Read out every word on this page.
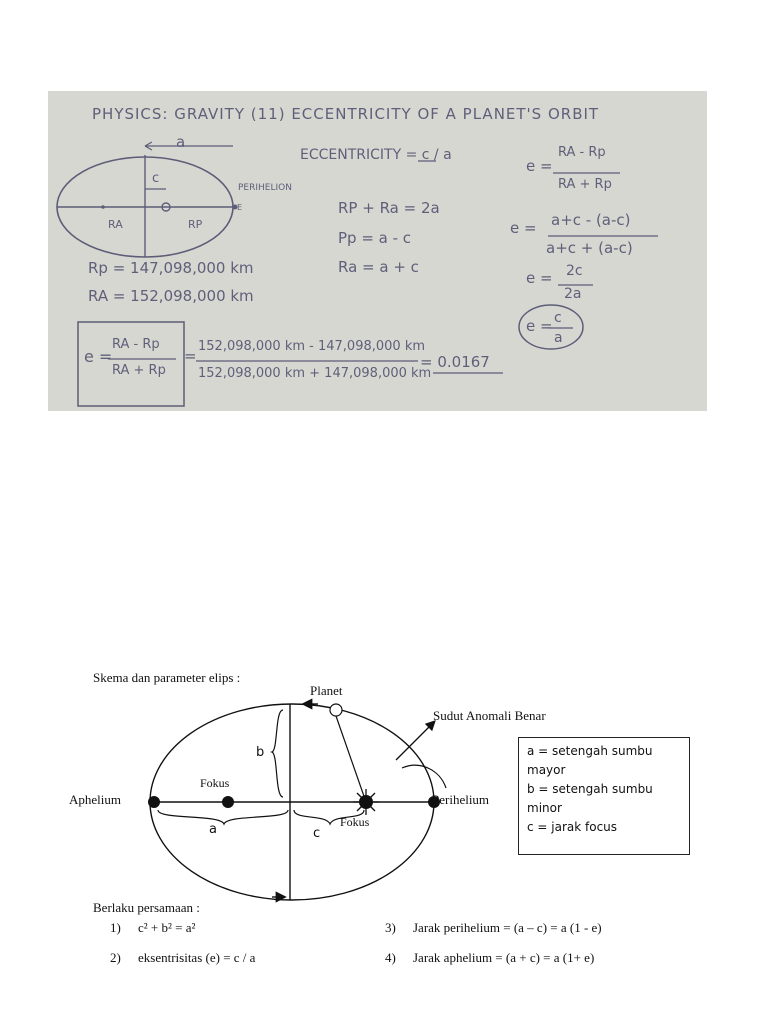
PHYSICS: GRAVITY (11) ECCENTRICITY OF A PLANET'S ORBIT
a
c
PERIHELION
E
RA	RP
ECCENTRICITY = c / a
RP + Ra = 2a
Pp = a - c
Ra = a + c
Rp = 147,098,000 km
RA = 152,098,000 km
e =
RA - Rp
RA + Rp
e = a+c - (a-c)
a+c + (a-c)
e = 2c
2a
e = c
a
e =
RA - Rp
RA + Rp
=
152,098,000 km - 147,098,000 km
152,098,000 km + 147,098,000 km
= 0.0167
Skema dan parameter elips :
Planet
Sudut Anomali Benar
b
Fokus
Fokus
Aphelium	Perihelium
a	c
a = setengah sumbu mayor
b = setengah sumbu minor
c = jarak focus
Berlaku persamaan :
1) c² + b² = a²
2) eksentrisitas (e) = c / a
3) Jarak perihelium = (a – c) = a (1 - e)
4) Jarak aphelium = (a + c) = a (1+ e)
